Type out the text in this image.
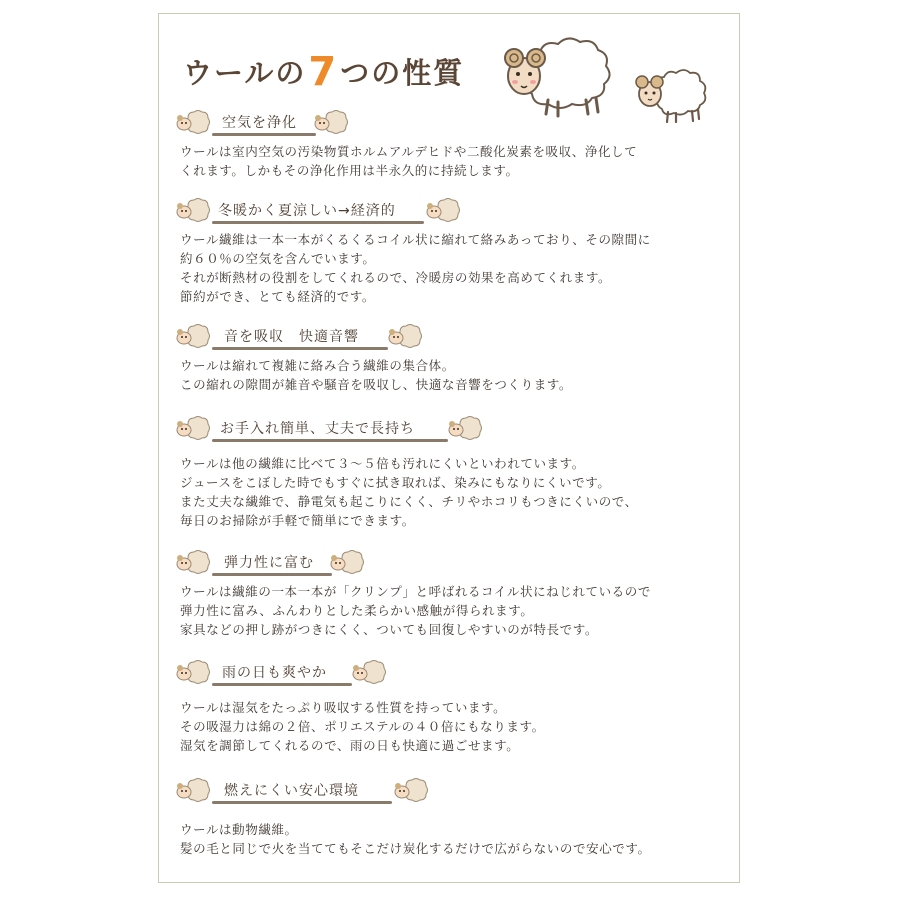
ウールの7つの性質
空気を浄化

ウールは室内空気の汚染物質ホルムアルデヒドや二酸化炭素を吸収、浄化して

くれます。しかもその浄化作用は半永久的に持続します。

冬暖かく夏涼しい→経済的

ウール繊維は一本一本がくるくるコイル状に縮れて絡みあっており、その隙間に

約６０％の空気を含んでいます。

それが断熱材の役割をしてくれるので、冷暖房の効果を高めてくれます。

節約ができ、とても経済的です。

音を吸収　快適音響

ウールは縮れて複雑に絡み合う繊維の集合体。

この縮れの隙間が雑音や騒音を吸収し、快適な音響をつくります。

お手入れ簡単、丈夫で長持ち

ウールは他の繊維に比べて３～５倍も汚れにくいといわれています。

ジュースをこぼした時でもすぐに拭き取れば、染みにもなりにくいです。

また丈夫な繊維で、静電気も起こりにくく、チリやホコリもつきにくいので、

毎日のお掃除が手軽で簡単にできます。

弾力性に富む

ウールは繊維の一本一本が「クリンプ」と呼ばれるコイル状にねじれているので

弾力性に富み、ふんわりとした柔らかい感触が得られます。

家具などの押し跡がつきにくく、ついても回復しやすいのが特長です。

雨の日も爽やか

ウールは湿気をたっぷり吸収する性質を持っています。

その吸湿力は綿の２倍、ポリエステルの４０倍にもなります。

湿気を調節してくれるので、雨の日も快適に過ごせます。

燃えにくい安心環境

ウールは動物繊維。

髪の毛と同じで火を当ててもそこだけ炭化するだけで広がらないので安心です。
